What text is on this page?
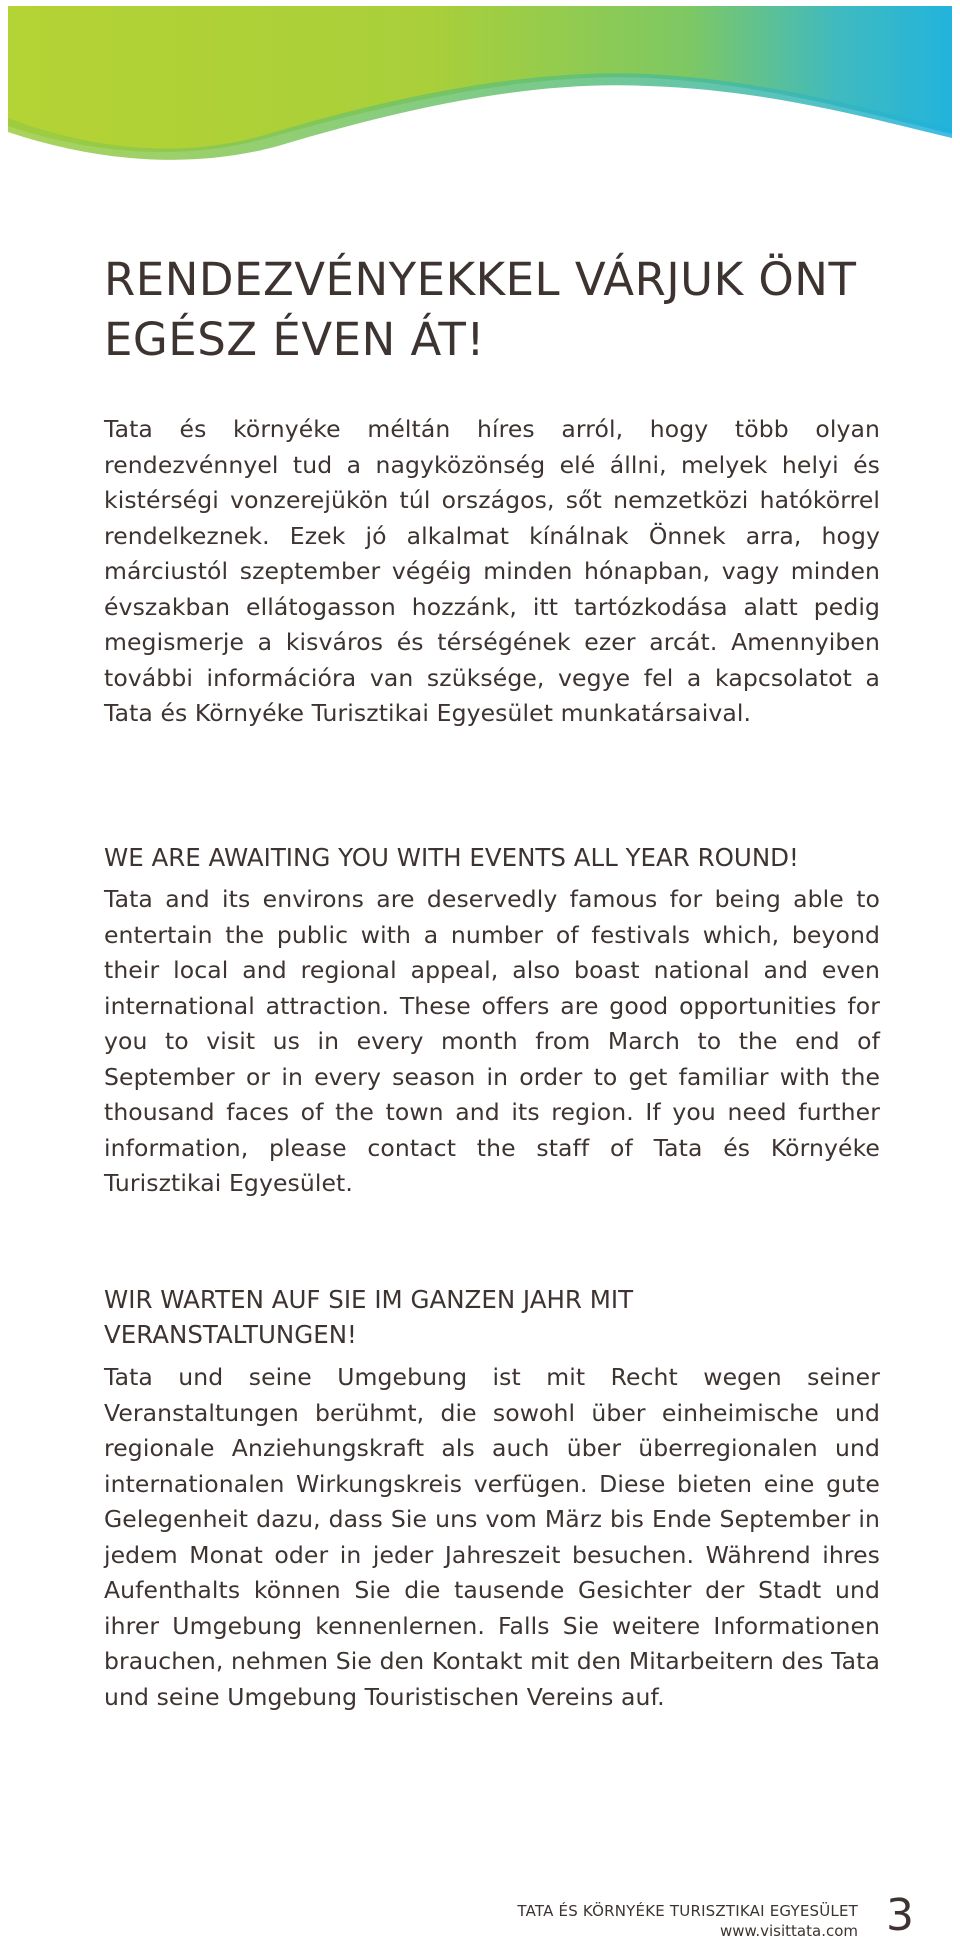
RENDEZVÉNYEKKEL VÁRJUK ÖNT
EGÉSZ ÉVEN ÁT!

Tata és környéke méltán híres arról, hogy több olyan rendezvénnyel tud a nagyközönség elé állni, melyek helyi és kistérségi vonzerejükön túl országos, sőt nemzetközi hatókörrel rendelkeznek. Ezek jó alkalmat kínálnak Önnek arra, hogy márciustól szeptember végéig minden hónapban, vagy minden évszakban ellátogasson hozzánk, itt tartózkodása alatt pedig megismerje a kisváros és térségének ezer arcát. Amennyiben további információra van szüksége, vegye fel a kapcsolatot a Tata és Környéke Turisztikai Egyesület munkatársaival.

WE ARE AWAITING YOU WITH EVENTS ALL YEAR ROUND!

Tata and its environs are deservedly famous for being able to entertain the public with a number of festivals which, beyond their local and regional appeal, also boast national and even international attraction. These offers are good opportunities for you to visit us in every month from March to the end of September or in every season in order to get familiar with the thousand faces of the town and its region. If you need further information, please contact the staff of Tata és Környéke Turisztikai Egyesület.

WIR WARTEN AUF SIE IM GANZEN JAHR MIT VERANSTALTUNGEN!

Tata und seine Umgebung ist mit Recht wegen seiner Veranstaltungen berühmt, die sowohl über einheimische und regionale Anziehungskraft als auch über überregionalen und internationalen Wirkungskreis verfügen. Diese bieten eine gute Gelegenheit dazu, dass Sie uns vom März bis Ende September in jedem Monat oder in jeder Jahreszeit besuchen. Während ihres Aufenthalts können Sie die tausende Gesichter der Stadt und ihrer Umgebung kennenlernen. Falls Sie weitere Informationen brauchen, nehmen Sie den Kontakt mit den Mitarbeitern des Tata und seine Umgebung Touristischen Vereins auf.

TATA ÉS KÖRNYÉKE TURISZTIKAI EGYESÜLET
www.visittata.com 3
